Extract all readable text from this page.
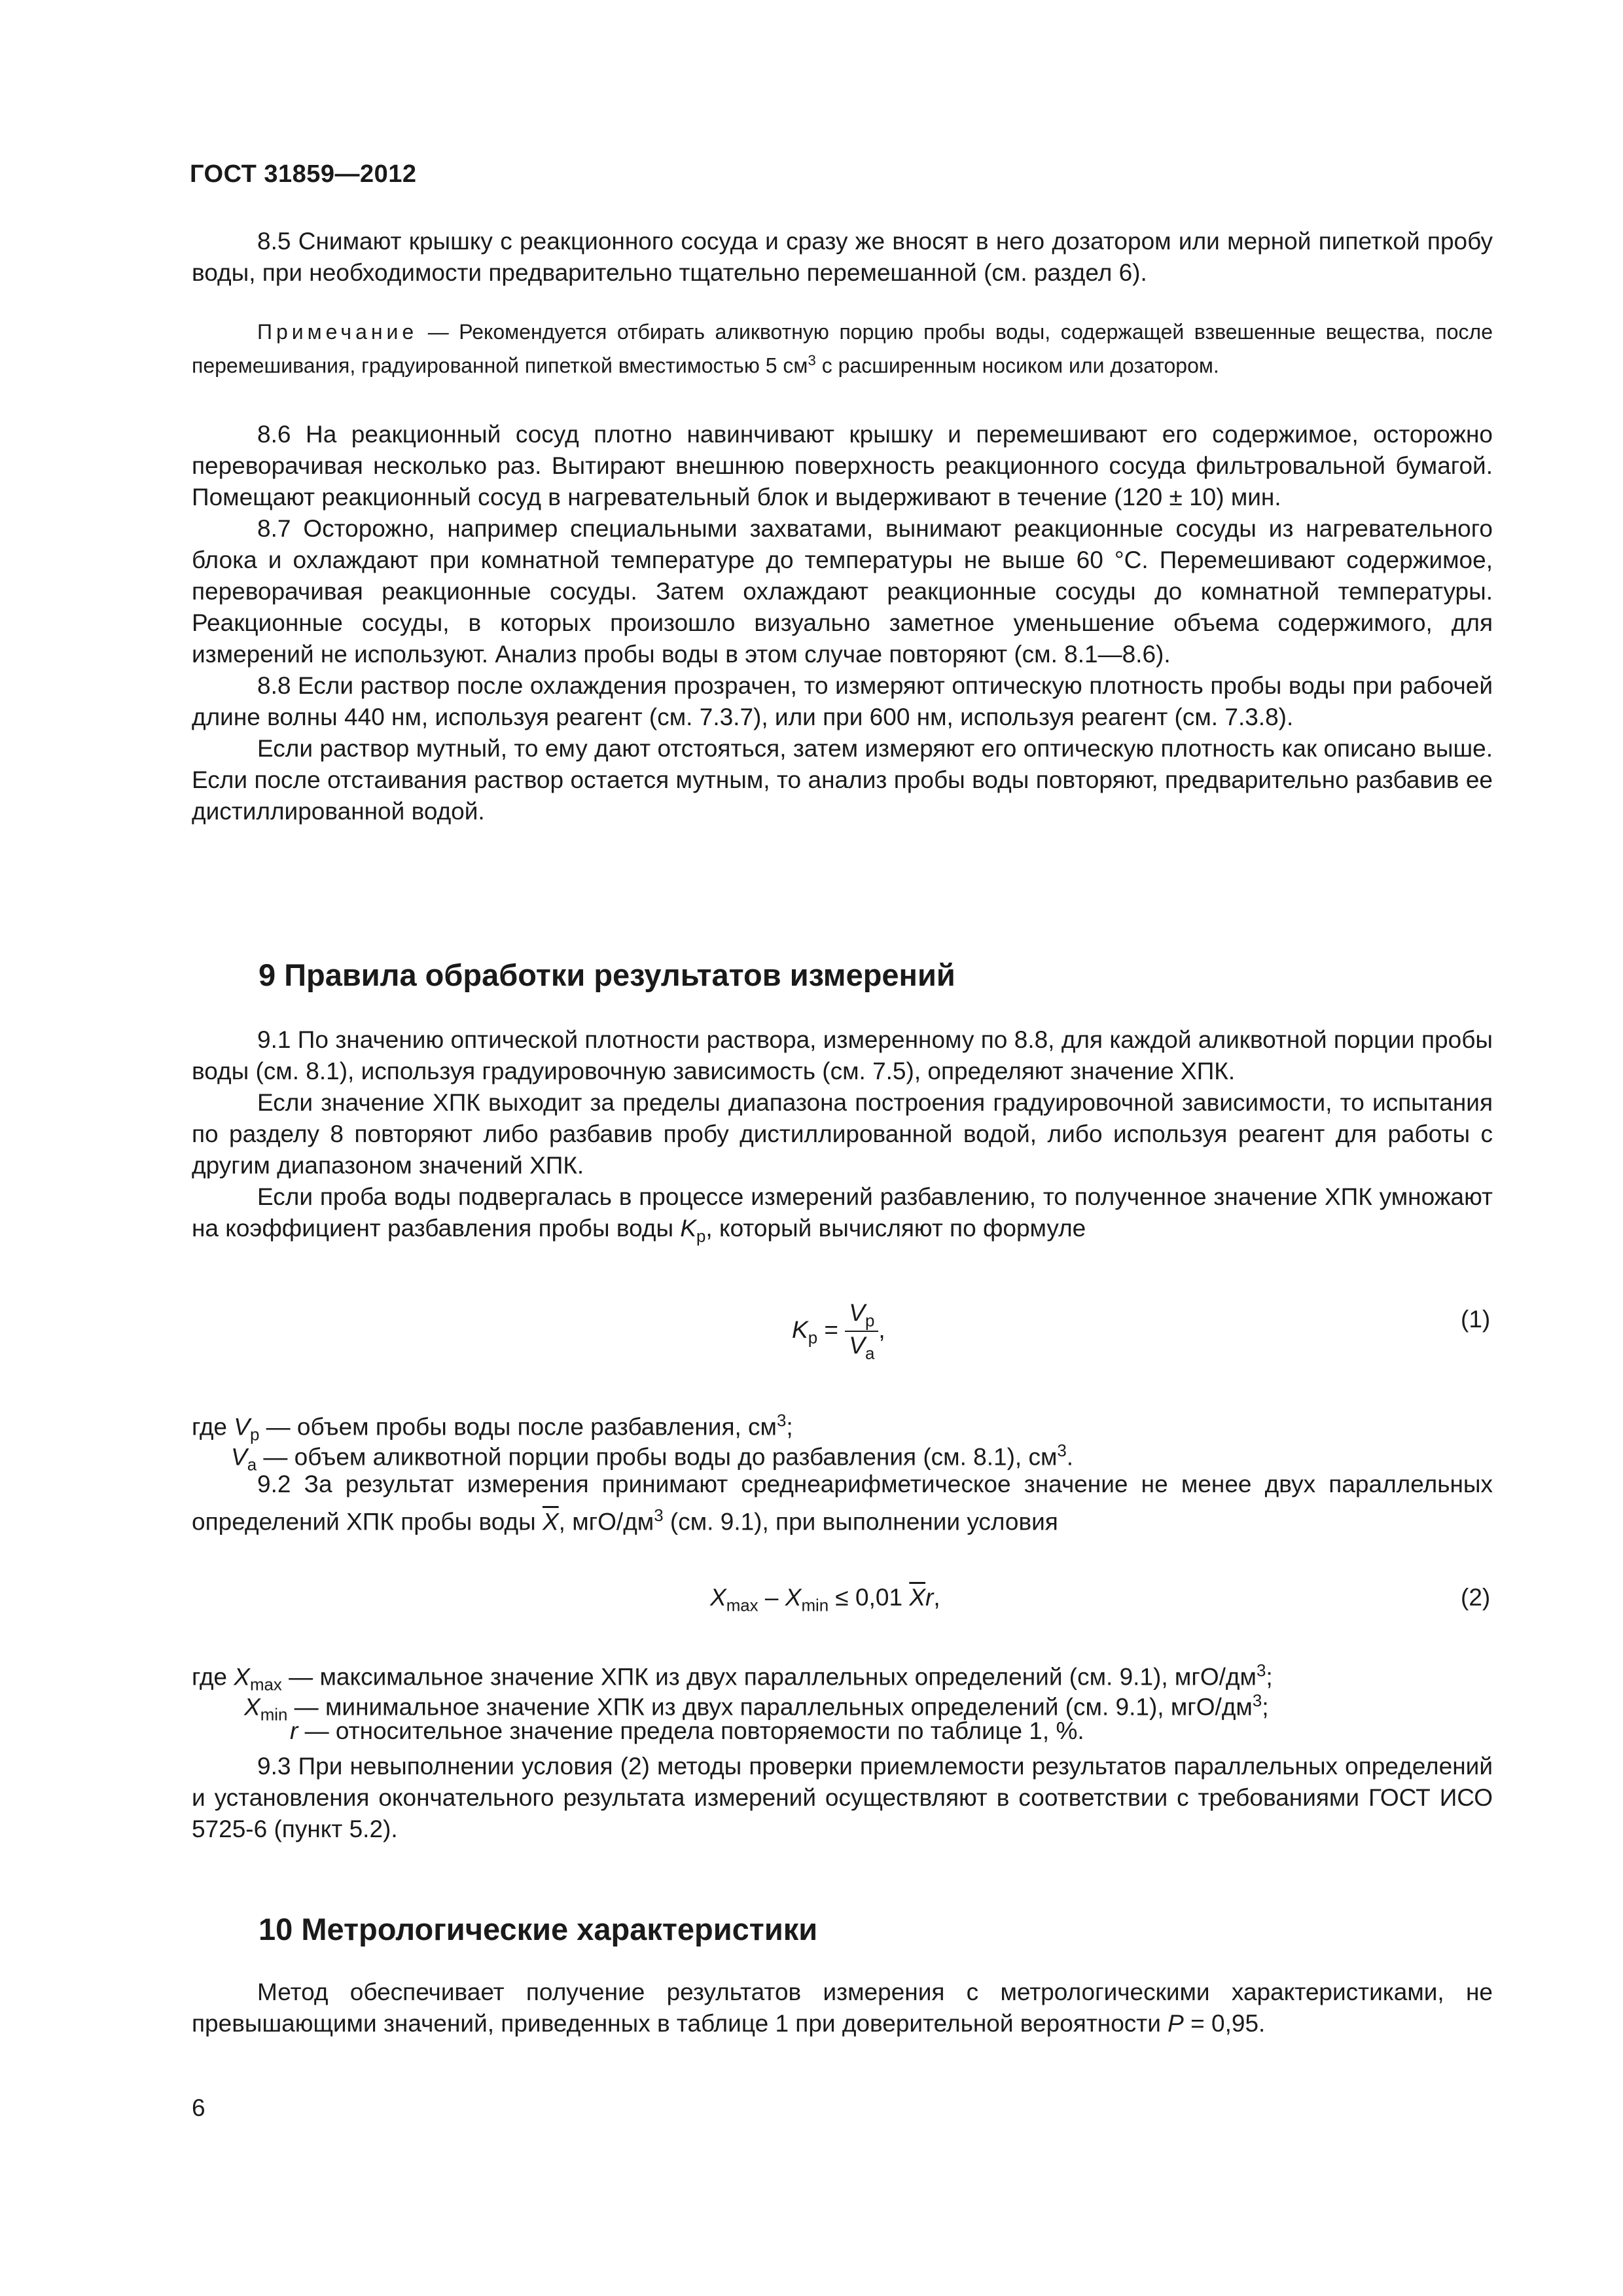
ГОСТ 31859—2012

8.5 Снимают крышку с реакционного сосуда и сразу же вносят в него дозатором или мерной пипеткой пробу воды, при необходимости предварительно тщательно перемешанной (см. раздел 6).

Примечание — Рекомендуется отбирать аликвотную порцию пробы воды, содержащей взвешенные вещества, после перемешивания, градуированной пипеткой вместимостью 5 $см^3$ с расширенным носиком или дозатором.

8.6 На реакционный сосуд плотно навинчивают крышку и перемешивают его содержимое, осторожно переворачивая несколько раз. Вытирают внешнюю поверхность реакционного сосуда фильтровальной бумагой. Помещают реакционный сосуд в нагревательный блок и выдерживают в течение (120 ± 10) мин.

8.7 Осторожно, например специальными захватами, вынимают реакционные сосуды из нагревательного блока и охлаждают при комнатной температуре до температуры не выше 60 °С. Перемешивают содержимое, переворачивая реакционные сосуды. Затем охлаждают реакционные сосуды до комнатной температуры. Реакционные сосуды, в которых произошло визуально заметное уменьшение объема содержимого, для измерений не используют. Анализ пробы воды в этом случае повторяют (см. 8.1—8.6).

8.8 Если раствор после охлаждения прозрачен, то измеряют оптическую плотность пробы воды при рабочей длине волны 440 нм, используя реагент (см. 7.3.7), или при 600 нм, используя реагент (см. 7.3.8).

Если раствор мутный, то ему дают отстояться, затем измеряют его оптическую плотность как описано выше. Если после отстаивания раствор остается мутным, то анализ пробы воды повторяют, предварительно разбавив ее дистиллированной водой.

9 Правила обработки результатов измерений

9.1 По значению оптической плотности раствора, измеренному по 8.8, для каждой аликвотной порции пробы воды (см. 8.1), используя градуировочную зависимость (см. 7.5), определяют значение ХПК.

Если значение ХПК выходит за пределы диапазона построения градуировочной зависимости, то испытания по разделу 8 повторяют либо разбавив пробу дистиллированной водой, либо используя реагент для работы с другим диапазоном значений ХПК.

Если проба воды подвергалась в процессе измерений разбавлению, то полученное значение ХПК умножают на коэффициент разбавления пробы воды $K_р$, который вычисляют по формуле

$K_р = \frac{V_р}{V_а}$ ,	(1)
где $V_р$ — объем пробы воды после разбавления, $см^3$;
$V_а$ — объем аликвотной порции пробы воды до разбавления (см. 8.1), $см^3$.

9.2 За результат измерения принимают среднеарифметическое значение не менее двух параллельных определений ХПК пробы воды $\overline{X}$, мгО/$дм^3$ (см. 9.1), при выполнении условия

$X_{max} - X_{min} \le 0,01$ $\overline{X}r$,	(2)
где $X_{max}$ — максимальное значение ХПК из двух параллельных определений (см. 9.1), мгО/$дм^3$;
$X_{min}$ — минимальное значение ХПК из двух параллельных определений (см. 9.1), мгО/$дм^3$;
r — относительное значение предела повторяемости по таблице 1, %.

9.3 При невыполнении условия (2) методы проверки приемлемости результатов параллельных определений и установления окончательного результата измерений осуществляют в соответствии с требованиями ГОСТ ИСО 5725-6 (пункт 5.2).

10 Метрологические характеристики

Метод обеспечивает получение результатов измерения с метрологическими характеристиками, не превышающими значений, приведенных в таблице 1 при доверительной вероятности P = 0,95.

6
